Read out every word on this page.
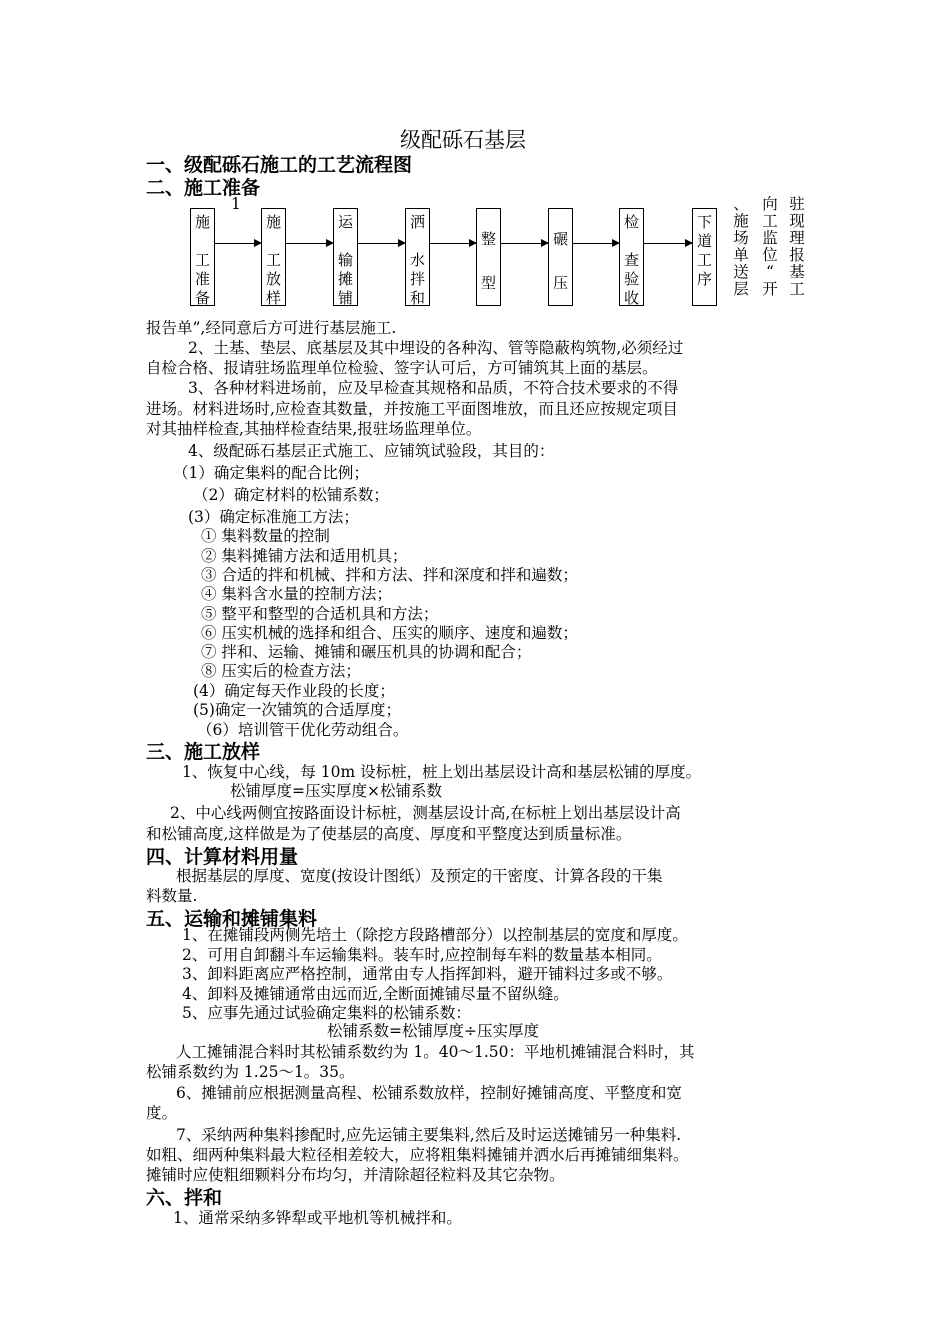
级配砾石基层
一、级配砾石施工的工艺流程图
二、施工准备
1
施

工
准
备
施

工
放
样
运

输
摊
铺
洒

水
拌
和
整
型
碾
压
检

查
验
收
下
道
工
序
、
施
场
单
送
层
向
工
监
位
“
开
驻
现
理
报
基
工
报告单”,经同意后方可进行基层施工.
2、土基、垫层、底基层及其中埋设的各种沟、管等隐蔽构筑物,必须经过
自检合格、报请驻场监理单位检验、签字认可后，方可铺筑其上面的基层。
3、各种材料进场前，应及早检查其规格和品质，不符合技术要求的不得
进场。材料进场时,应检查其数量，并按施工平面图堆放，而且还应按规定项目
对其抽样检查,其抽样检查结果,报驻场监理单位。
4、级配砾石基层正式施工、应铺筑试验段，其目的：
（1）确定集料的配合比例；
（2）确定材料的松铺系数；
(3）确定标准施工方法；
① 集料数量的控制
② 集料摊铺方法和适用机具；
③ 合适的拌和机械、拌和方法、拌和深度和拌和遍数；
④ 集料含水量的控制方法；
⑤ 整平和整型的合适机具和方法；
⑥ 压实机械的选择和组合、压实的顺序、速度和遍数；
⑦ 拌和、运输、摊铺和碾压机具的协调和配合；
⑧ 压实后的检查方法；
(4）确定每天作业段的长度；
(5)确定一次铺筑的合适厚度；
（6）培训管干优化劳动组合。
三、施工放样
1、恢复中心线，每 10m 设标桩，桩上划出基层设计高和基层松铺的厚度。
松铺厚度=压实厚度×松铺系数
2、中心线两侧宜按路面设计标桩，测基层设计高,在标桩上划出基层设计高
和松铺高度,这样做是为了使基层的高度、厚度和平整度达到质量标准。
四、计算材料用量
根据基层的厚度、宽度(按设计图纸）及预定的干密度、计算各段的干集
料数量.
五、运输和摊铺集料
1、在摊铺段两侧先培土（除挖方段路槽部分）以控制基层的宽度和厚度。
2、可用自卸翻斗车运输集料。装车时,应控制每车料的数量基本相同。
3、卸料距离应严格控制，通常由专人指挥卸料，避开铺料过多或不够。
4、卸料及摊铺通常由远而近,全断面摊铺尽量不留纵缝。
5、应事先通过试验确定集料的松铺系数：
松铺系数=松铺厚度÷压实厚度
人工摊铺混合料时其松铺系数约为 1。40～1.50：平地机摊铺混合料时，其
松铺系数约为 1.25～1。35。
6、摊铺前应根据测量高程、松铺系数放样，控制好摊铺高度、平整度和宽
度。
7、采纳两种集料掺配时,应先运铺主要集料,然后及时运送摊铺另一种集料.
如粗、细两种集料最大粒径相差较大，应将粗集料摊铺并洒水后再摊铺细集料。
摊铺时应使粗细颗料分布均匀，并清除超径粒料及其它杂物。
六、拌和
1、通常采纳多铧犁或平地机等机械拌和。
